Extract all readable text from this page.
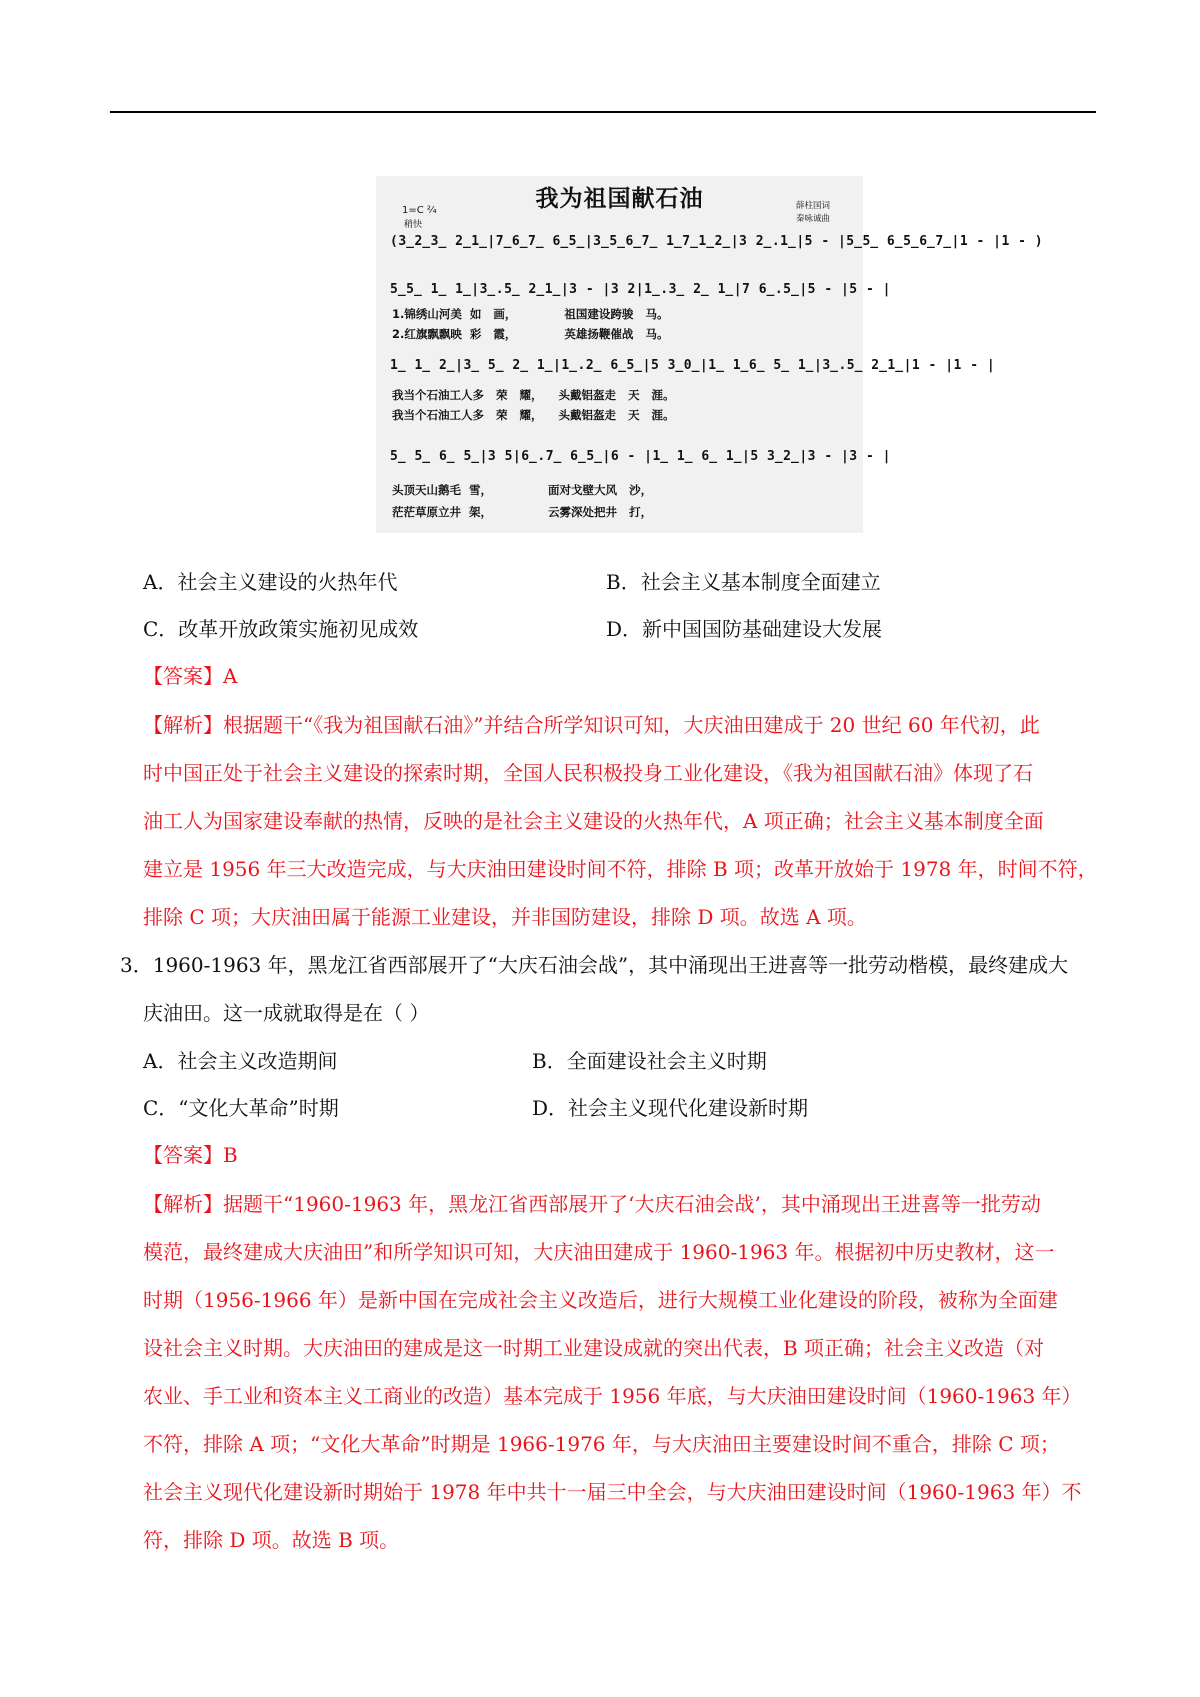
我为祖国献石油
1=C ²⁄₄
稍快
薛柱国词
秦咏诚曲
(3̲2̲3̲ 2̲1̲|7̲6̲7̲ 6̲5̲|3̲5̲6̲7̲ 1̲7̲1̲2̲|3 2̲.1̲|5 - |5̲5̲ 6̲5̲6̲7̲|1 - |1 - )
5̲5̲ 1̲ 1̲|3̲.5̲ 2̲1̲|3 - |3 2|1̲.3̲ 2̲ 1̲|7 6̲.5̲|5 - |5 - |
1.锦绣山河美  如   画，            祖国建设跨骏   马。
2.红旗飘飘映  彩   霞，            英雄扬鞭催战   马。
1̲ 1̲ 2̲|3̲ 5̲ 2̲ 1̲|1̲.2̲ 6̲5̲|5 3̲0̲|1̲ 1̲6̲ 5̲ 1̲|3̲.5̲ 2̲1̲|1 - |1 - |
我当个石油工人多   荣   耀，    头戴铝盔走   天   涯。
我当个石油工人多   荣   耀，    头戴铝盔走   天   涯。
5̲ 5̲ 6̲ 5̲|3 5|6̲.7̲ 6̲5̲|6 - |1̲ 1̲ 6̲ 1̲|5 3̲2̲|3 - |3 - |
头顶天山鹅毛  雪，              面对戈壁大风   沙，
茫茫草原立井  架，              云雾深处把井   打，
A．社会主义建设的火热年代	B．社会主义基本制度全面建立
C．改革开放政策实施初见成效	D．新中国国防基础建设大发展
【答案】A
【解析】根据题干“《我为祖国献石油》”并结合所学知识可知，大庆油田建成于 20 世纪 60 年代初，此
时中国正处于社会主义建设的探索时期，全国人民积极投身工业化建设，《我为祖国献石油》体现了石
油工人为国家建设奉献的热情，反映的是社会主义建设的火热年代，A 项正确；社会主义基本制度全面
建立是 1956 年三大改造完成，与大庆油田建设时间不符，排除 B 项；改革开放始于 1978 年，时间不符，
排除 C 项；大庆油田属于能源工业建设，并非国防建设，排除 D 项。故选 A 项。
3．1960-1963 年，黑龙江省西部展开了“大庆石油会战”，其中涌现出王进喜等一批劳动楷模，最终建成大
庆油田。这一成就取得是在（ ）
A．社会主义改造期间	B．全面建设社会主义时期
C．“文化大革命”时期	D．社会主义现代化建设新时期
【答案】B
【解析】据题干“1960-1963 年，黑龙江省西部展开了‘大庆石油会战’，其中涌现出王进喜等一批劳动
模范，最终建成大庆油田”和所学知识可知，大庆油田建成于 1960-1963 年。根据初中历史教材，这一
时期（1956-1966 年）是新中国在完成社会主义改造后，进行大规模工业化建设的阶段，被称为全面建
设社会主义时期。大庆油田的建成是这一时期工业建设成就的突出代表，B 项正确；社会主义改造（对
农业、手工业和资本主义工商业的改造）基本完成于 1956 年底，与大庆油田建设时间（1960-1963 年）
不符，排除 A 项；“文化大革命”时期是 1966-1976 年，与大庆油田主要建设时间不重合，排除 C 项；
社会主义现代化建设新时期始于 1978 年中共十一届三中全会，与大庆油田建设时间（1960-1963 年）不
符，排除 D 项。故选 B 项。
